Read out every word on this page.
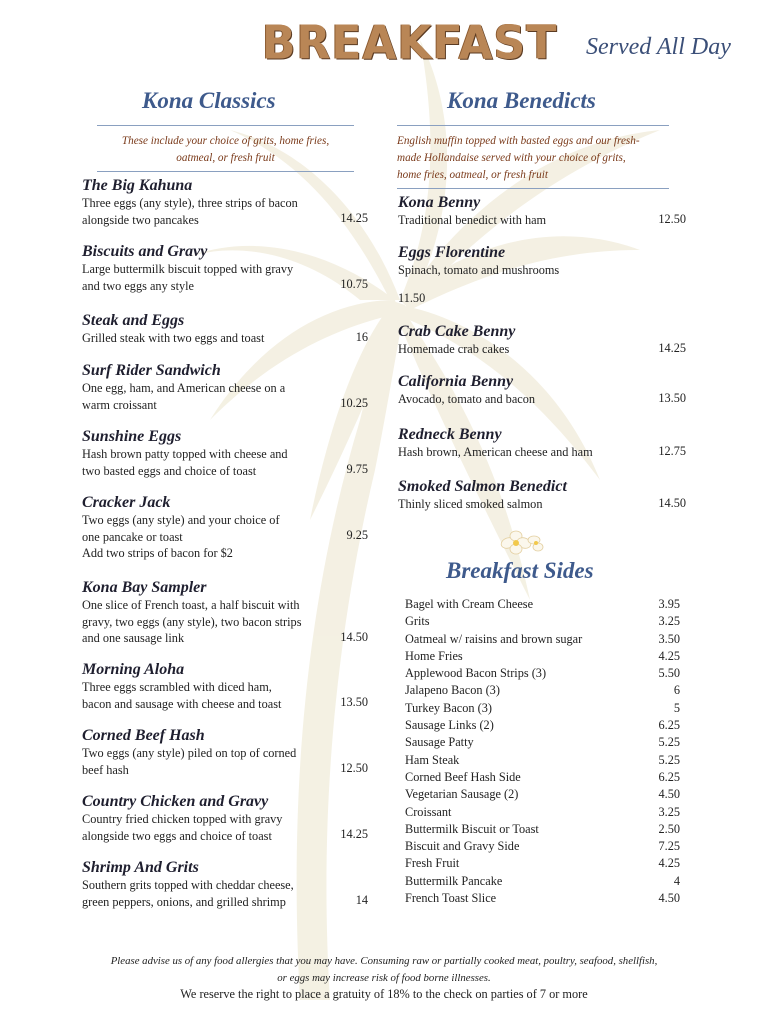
BREAKFAST Served All Day
Kona Classics
These include your choice of grits, home fries,
oatmeal, or fresh fruit
The Big Kahuna
Three eggs (any style), three strips of bacon
alongside two pancakes	14.25
Biscuits and Gravy
Large buttermilk biscuit topped with gravy
and two eggs any style	10.75
Steak and Eggs
Grilled steak with two eggs and toast	16
Surf Rider Sandwich
One egg, ham, and American cheese on a
warm croissant	10.25
Sunshine Eggs
Hash brown patty topped with cheese and
two basted eggs and choice of toast	9.75
Cracker Jack
Two eggs (any style) and your choice of
one pancake or toast
Add two strips of bacon for $2
9.25
Kona Bay Sampler
One slice of French toast, a half biscuit with
gravy, two eggs (any style), two bacon strips
and one sausage link	14.50
Morning Aloha
Three eggs scrambled with diced ham,
bacon and sausage with cheese and toast	13.50
Corned Beef Hash
Two eggs (any style) piled on top of corned
beef hash	12.50
Country Chicken and Gravy
Country fried chicken topped with gravy
alongside two eggs and choice of toast	14.25
Shrimp And Grits
Southern grits topped with cheddar cheese,
green peppers, onions, and grilled shrimp	14
Kona Benedicts
English muffin topped with basted eggs and our fresh-
made Hollandaise served with your choice of grits,
home fries, oatmeal, or fresh fruit
Kona Benny
Traditional benedict with ham	12.50
Eggs Florentine
Spinach, tomato and mushrooms
11.50
Crab Cake Benny
Homemade crab cakes	14.25
California Benny
Avocado, tomato and bacon	13.50
Redneck Benny
Hash brown, American cheese and ham	12.75
Smoked Salmon Benedict
Thinly sliced smoked salmon	14.50
Breakfast Sides
Bagel with Cream Cheese	3.95
Grits	3.25
Oatmeal w/ raisins and brown sugar	3.50
Home Fries	4.25
Applewood Bacon Strips (3)	5.50
Jalapeno Bacon (3)	6
Turkey Bacon (3)	5
Sausage Links (2)	6.25
Sausage Patty	5.25
Ham Steak	5.25
Corned Beef Hash Side	6.25
Vegetarian Sausage (2)	4.50
Croissant	3.25
Buttermilk Biscuit or Toast	2.50
Biscuit and Gravy Side	7.25
Fresh Fruit	4.25
Buttermilk Pancake	4
French Toast Slice	4.50
Please advise us of any food allergies that you may have. Consuming raw or partially cooked meat, poultry, seafood, shellfish,
or eggs may increase risk of food borne illnesses.
We reserve the right to place a gratuity of 18% to the check on parties of 7 or more
